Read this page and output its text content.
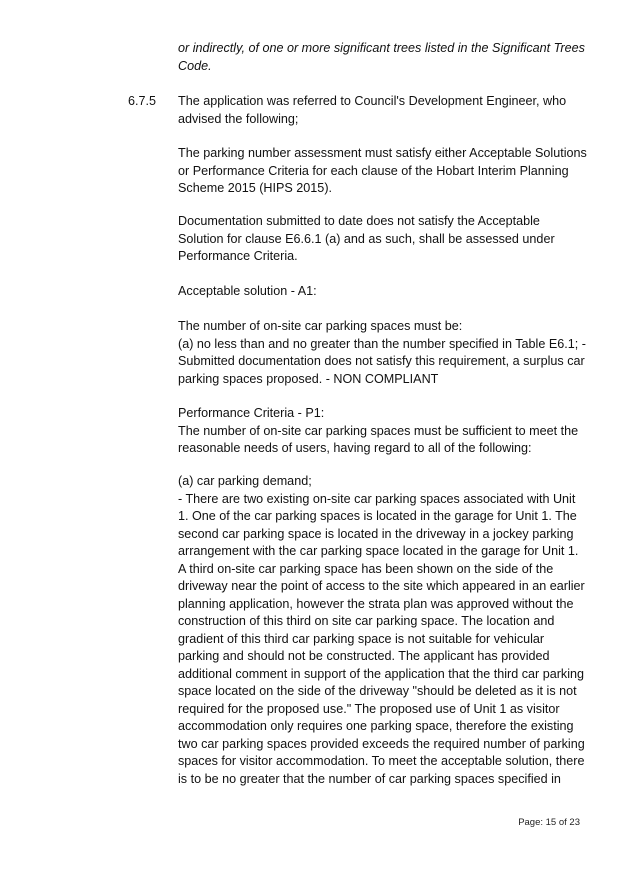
or indirectly, of one or more significant trees listed in the Significant Trees Code.

6.7.5 The application was referred to Council's Development Engineer, who advised the following;

The parking number assessment must satisfy either Acceptable Solutions or Performance Criteria for each clause of the Hobart Interim Planning Scheme 2015 (HIPS 2015).

Documentation submitted to date does not satisfy the Acceptable Solution for clause E6.6.1 (a) and as such, shall be assessed under Performance Criteria.

Acceptable solution - A1:

The number of on-site car parking spaces must be:

(a) no less than and no greater than the number specified in Table E6.1; - Submitted documentation does not satisfy this requirement, a surplus car parking spaces proposed. - NON COMPLIANT

Performance Criteria - P1:

The number of on-site car parking spaces must be sufficient to meet the reasonable needs of users, having regard to all of the following:

(a) car parking demand;

- There are two existing on-site car parking spaces associated with Unit 1. One of the car parking spaces is located in the garage for Unit 1. The second car parking space is located in the driveway in a jockey parking arrangement with the car parking space located in the garage for Unit 1. A third on-site car parking space has been shown on the side of the driveway near the point of access to the site which appeared in an earlier planning application, however the strata plan was approved without the construction of this third on site car parking space. The location and gradient of this third car parking space is not suitable for vehicular parking and should not be constructed. The applicant has provided additional comment in support of the application that the third car parking space located on the side of the driveway "should be deleted as it is not required for the proposed use." The proposed use of Unit 1 as visitor accommodation only requires one parking space, therefore the existing two car parking spaces provided exceeds the required number of parking spaces for visitor accommodation. To meet the acceptable solution, there is to be no greater that the number of car parking spaces specified in

Page: 15 of 23
